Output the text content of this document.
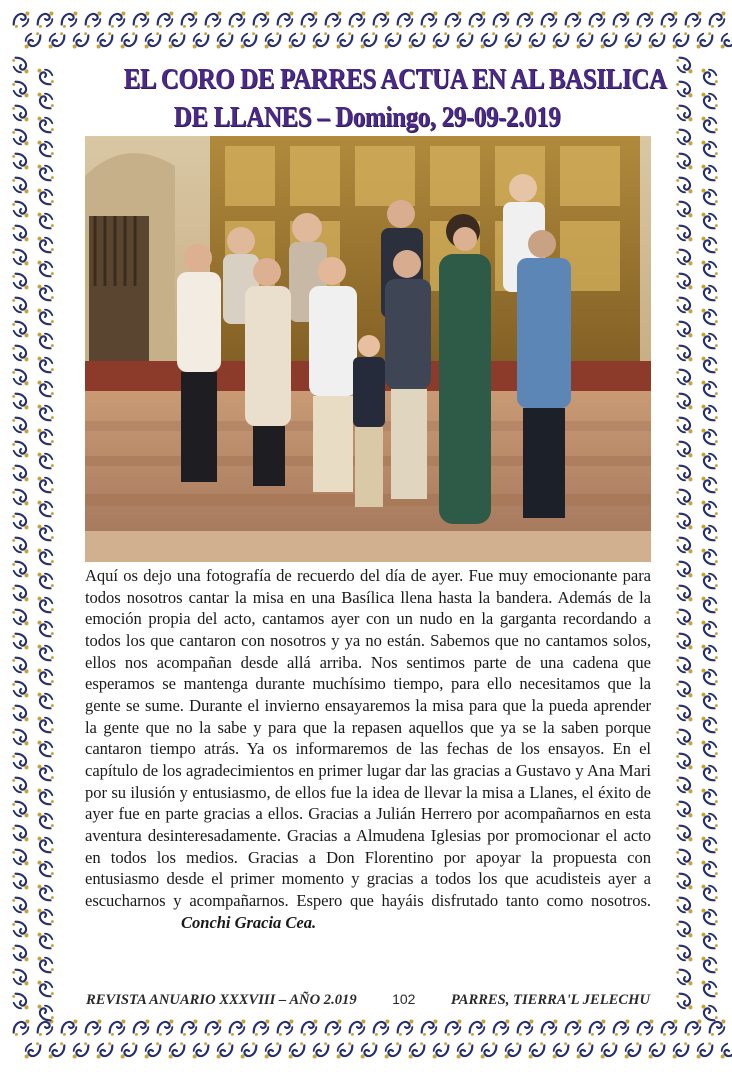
EL CORO DE PARRES ACTUA EN AL BASILICA
DE LLANES – Domingo, 29-09-2.019
Aquí os dejo una fotografía de recuerdo del día de ayer. Fue muy emocionante para todos nosotros cantar la misa en una Basílica llena hasta la bandera. Además de la emoción propia del acto, cantamos ayer con un nudo en la garganta recordando a todos los que cantaron con nosotros y ya no están. Sabemos que no cantamos solos, ellos nos acompañan desde allá arriba. Nos sentimos parte de una cadena que esperamos se mantenga durante muchísimo tiempo, para ello necesitamos que la gente se sume. Durante el invierno ensayaremos la misa para que la pueda aprender la gente que no la sabe y para que la repasen aquellos que ya se la saben porque cantaron tiempo atrás. Ya os informaremos de las fechas de los ensayos. En el capítulo de los agradecimientos en primer lugar dar las gracias a Gustavo y Ana Mari por su ilusión y entusiasmo, de ellos fue la idea de llevar la misa a Llanes, el éxito de ayer fue en parte gracias a ellos. Gracias a Julián Herrero por acompañarnos en esta aventura desinteresadamente. Gracias a Almudena Iglesias por promocionar el acto en todos los medios. Gracias a Don Florentino por apoyar la propuesta con entusiasmo desde el primer momento y gracias a todos los que acudisteis ayer a escucharnos y acompañarnos. Espero que hayáis disfrutado tanto como nosotros.Conchi Gracia Cea.
REVISTA ANUARIO XXXVIII – AÑO 2.019	102 PARRES, TIERRA'L JELECHU
